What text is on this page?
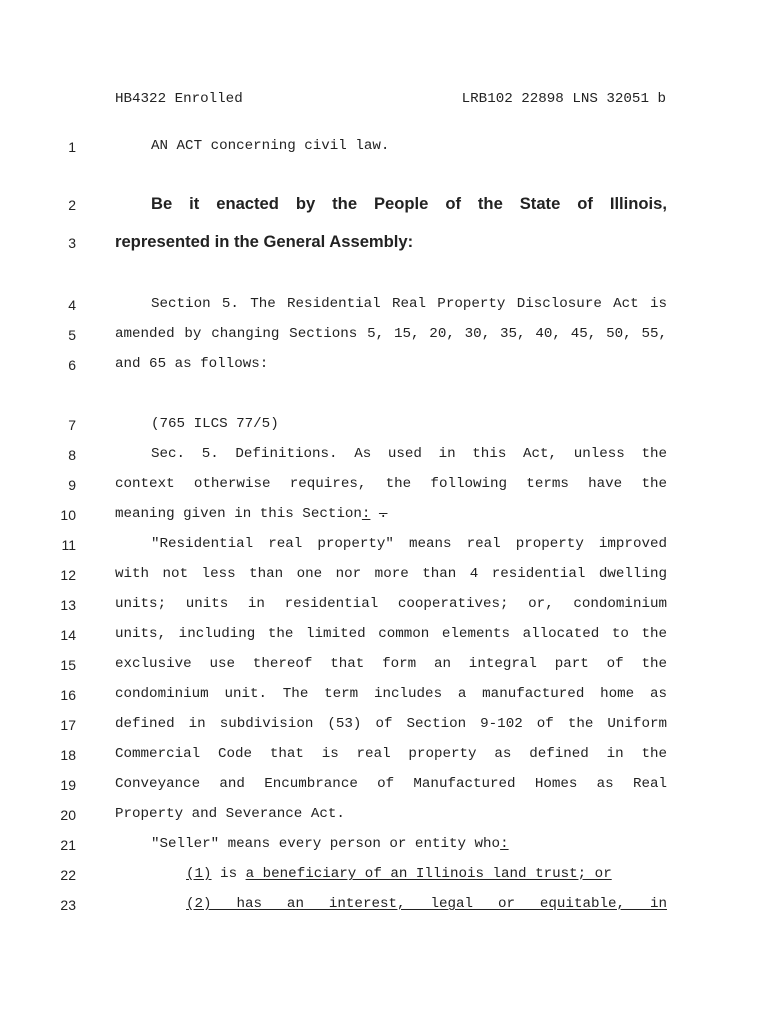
HB4322 Enrolled	LRB102 22898 LNS 32051 b
1	AN ACT concerning civil law.
2	Be it enacted by the People of the State of Illinois,
3 represented in the General Assembly:
4	Section 5. The Residential Real Property Disclosure Act is
5	amended by changing Sections 5, 15, 20, 30, 35, 40, 45, 50, 55,
6	and 65 as follows:
7	(765 ILCS 77/5)
8	Sec. 5. Definitions. As used in this Act, unless the
9	context otherwise requires, the following terms have the
10	meaning given in this Section: .
11	"Residential real property" means real property improved
12	with not less than one nor more than 4 residential dwelling
13	units; units in residential cooperatives; or, condominium
14	units, including the limited common elements allocated to the
15	exclusive use thereof that form an integral part of the
16	condominium unit. The term includes a manufactured home as
17	defined in subdivision (53) of Section 9-102 of the Uniform
18	Commercial Code that is real property as defined in the
19	Conveyance and Encumbrance of Manufactured Homes as Real
20	Property and Severance Act.
21	"Seller" means every person or entity who:
22	(1) is a beneficiary of an Illinois land trust; or
23	(2) has an interest, legal or equitable, in
